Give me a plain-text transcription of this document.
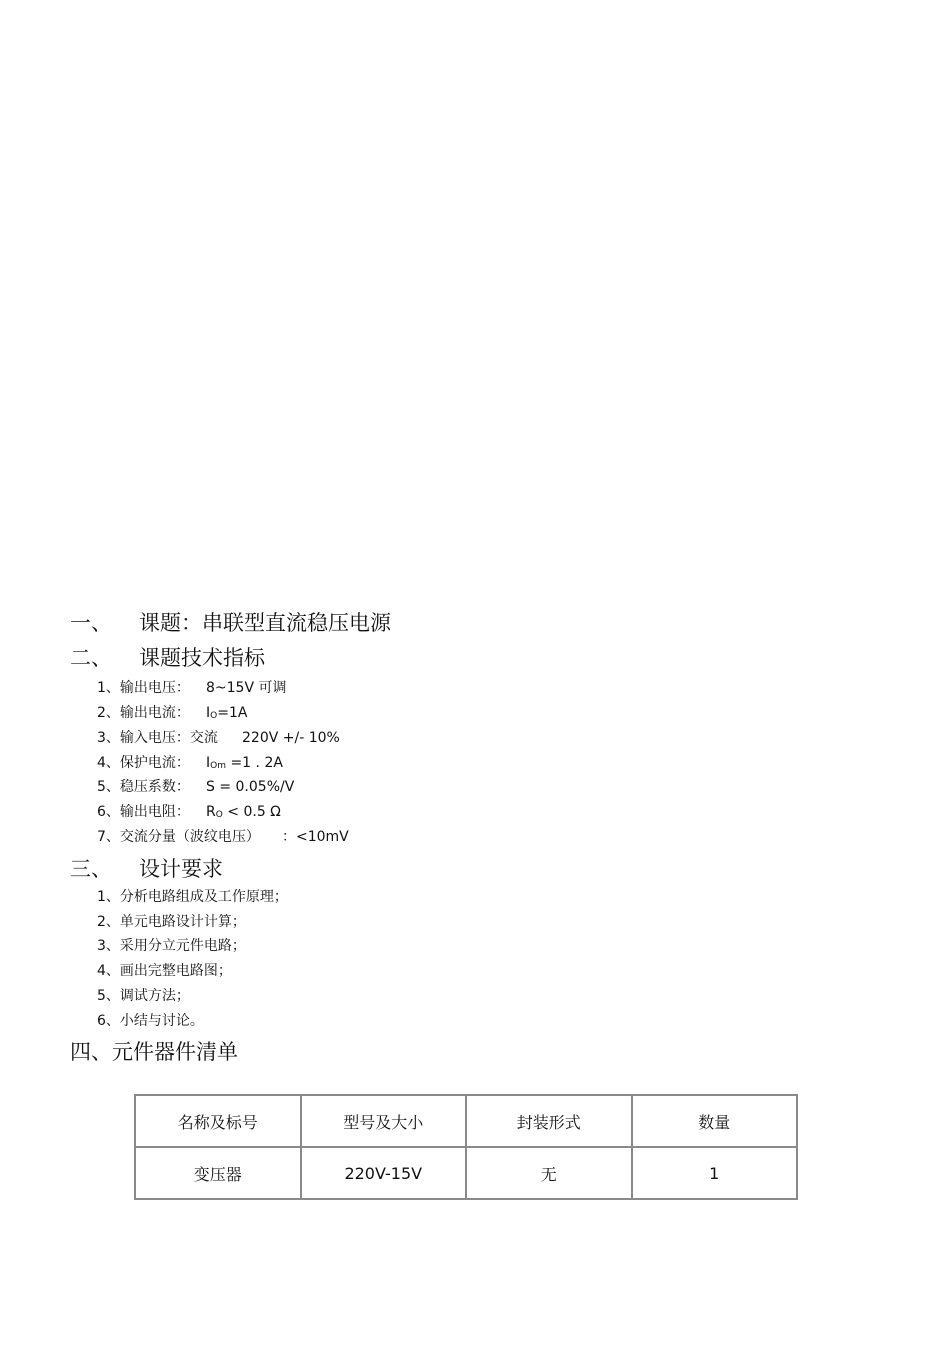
一、 课题：串联型直流稳压电源
二、 课题技术指标
1、输出电压： 8~15V 可调
2、输出电流： $I_O=1A$
3、输入电压：交流 220V +/- 10%
4、保护电流： $I_{Om} =1$ . 2A
5、稳压系数： S = 0.05%/V
6、输出电阻： $R_O < 0.5$ Ω
7、交流分量（波纹电压） ：<10mV
三、 设计要求
1、分析电路组成及工作原理；
2、单元电路设计计算；
3、采用分立元件电路；
4、画出完整电路图；
5、调试方法；
6、小结与讨论。
四、元件器件清单
名称及标号	型号及大小	封装形式	数量
变压器	220V-15V	无	1
